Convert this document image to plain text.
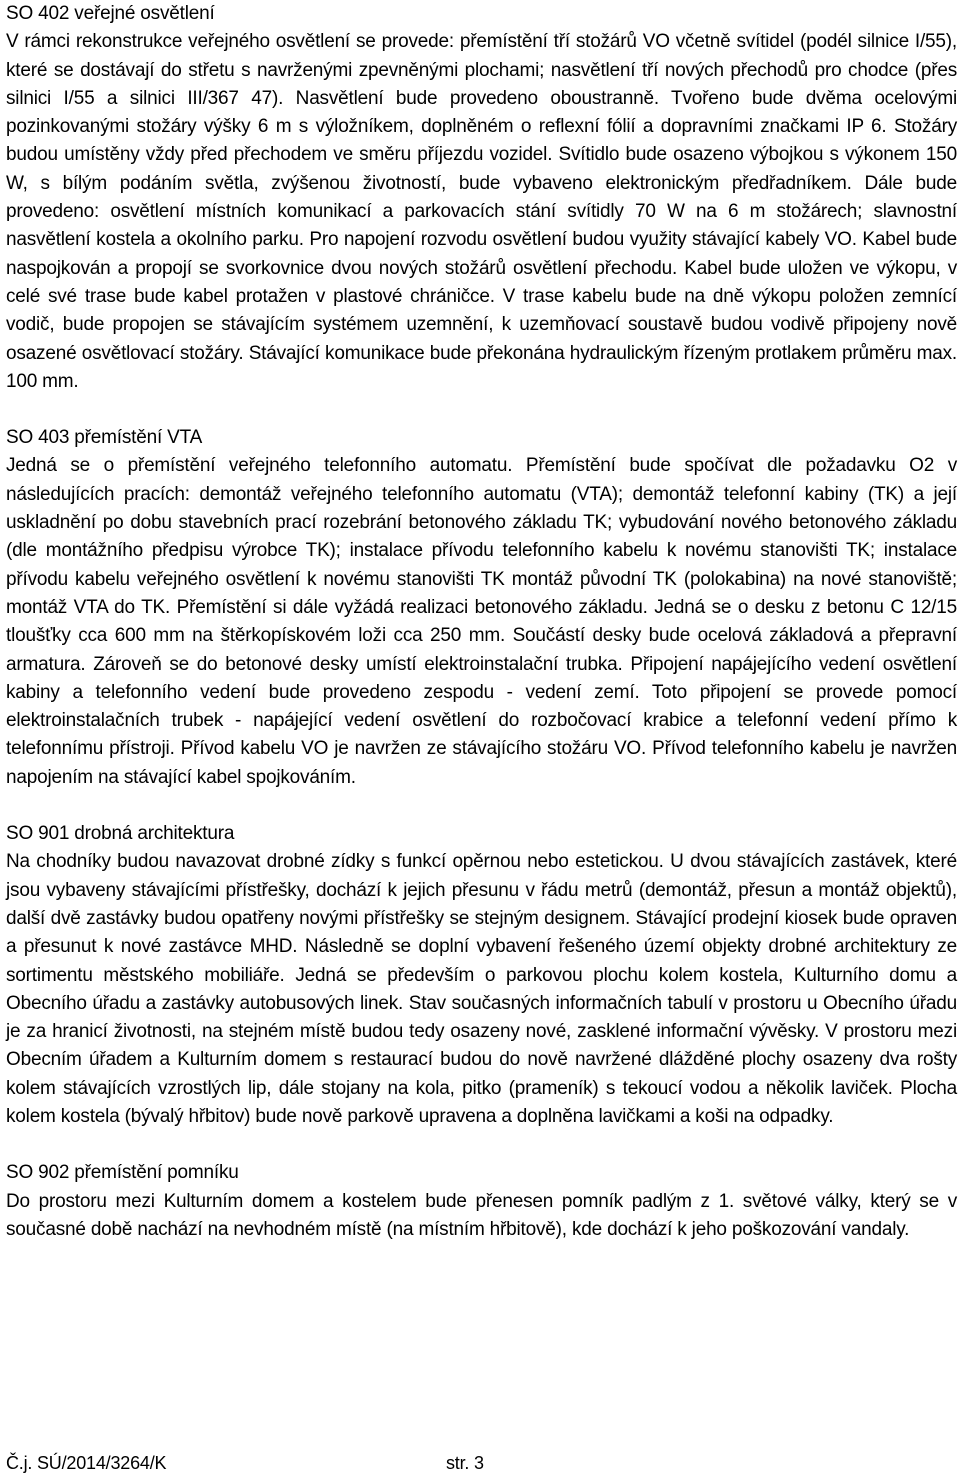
SO 402 veřejné osvětlení
V rámci rekonstrukce veřejného osvětlení se provede: přemístění tří stožárů VO včetně svítidel (podél silnice I/55), které se dostávají do střetu s navrženými zpevněnými plochami; nasvětlení tří nových přechodů pro chodce (přes silnici I/55 a silnici III/367 47). Nasvětlení bude provedeno oboustranně. Tvořeno bude dvěma ocelovými pozinkovanými stožáry výšky 6 m s výložníkem, doplněném o reflexní fólií a dopravními značkami IP 6. Stožáry budou umístěny vždy před přechodem ve směru příjezdu vozidel. Svítidlo bude osazeno výbojkou s výkonem 150 W, s bílým podáním světla, zvýšenou životností, bude vybaveno elektronickým předřadníkem. Dále bude provedeno: osvětlení místních komunikací a parkovacích stání svítidly 70 W na 6 m stožárech; slavnostní nasvětlení kostela a okolního parku. Pro napojení rozvodu osvětlení budou využity stávající kabely VO. Kabel bude naspojkován a propojí se svorkovnice dvou nových stožárů osvětlení přechodu. Kabel bude uložen ve výkopu, v celé své trase bude kabel protažen v plastové chráničce. V trase kabelu bude na dně výkopu položen zemnící vodič, bude propojen se stávajícím systémem uzemnění, k uzemňovací soustavě budou vodivě připojeny nově osazené osvětlovací stožáry. Stávající komunikace bude překonána hydraulickým řízeným protlakem průměru max. 100 mm.
SO 403 přemístění VTA
Jedná se o přemístění veřejného telefonního automatu. Přemístění bude spočívat dle požadavku O2 v následujících pracích: demontáž veřejného telefonního automatu (VTA); demontáž telefonní kabiny (TK) a její uskladnění po dobu stavebních prací rozebrání betonového základu TK; vybudování nového betonového základu (dle montážního předpisu výrobce TK); instalace přívodu telefonního kabelu k novému stanovišti TK; instalace přívodu kabelu veřejného osvětlení k novému stanovišti TK montáž původní TK (polokabina) na nové stanoviště; montáž VTA do TK. Přemístění si dále vyžádá realizaci betonového základu. Jedná se o desku z betonu C 12/15 tloušťky cca 600 mm na štěrkopískovém loži cca 250 mm. Součástí desky bude ocelová základová a přepravní armatura. Zároveň se do betonové desky umístí elektroinstalační trubka. Připojení napájejícího vedení osvětlení kabiny a telefonního vedení bude provedeno zespodu - vedení zemí. Toto připojení se provede pomocí elektroinstalačních trubek - napájející vedení osvětlení do rozbočovací krabice a telefonní vedení přímo k telefonnímu přístroji. Přívod kabelu VO je navržen ze stávajícího stožáru VO. Přívod telefonního kabelu je navržen napojením na stávající kabel spojkováním.
SO 901 drobná architektura
Na chodníky budou navazovat drobné zídky s funkcí opěrnou nebo estetickou. U dvou stávajících zastávek, které jsou vybaveny stávajícími přístřešky, dochází k jejich přesunu v řádu metrů (demontáž, přesun a montáž objektů), další dvě zastávky budou opatřeny novými přístřešky se stejným designem. Stávající prodejní kiosek bude opraven a přesunut k nové zastávce MHD. Následně se doplní vybavení řešeného území objekty drobné architektury ze sortimentu městského mobiliáře. Jedná se především o parkovou plochu kolem kostela, Kulturního domu a Obecního úřadu a zastávky autobusových linek. Stav současných informačních tabulí v prostoru u Obecního úřadu je za hranicí životnosti, na stejném místě budou tedy osazeny nové, zasklené informační vývěsky. V prostoru mezi Obecním úřadem a Kulturním domem s restaurací budou do nově navržené dlážděné plochy osazeny dva rošty kolem stávajících vzrostlých lip, dále stojany na kola, pitko (prameník) s tekoucí vodou a několik laviček. Plocha kolem kostela (bývalý hřbitov) bude nově parkově upravena a doplněna lavičkami a koši na odpadky.
SO 902 přemístění pomníku
Do prostoru mezi Kulturním domem a kostelem bude přenesen pomník padlým z 1. světové války, který se v současné době nachází na nevhodném místě (na místním hřbitově), kde dochází k jeho poškozování vandaly.
Č.j. SÚ/2014/3264/K	str. 3
